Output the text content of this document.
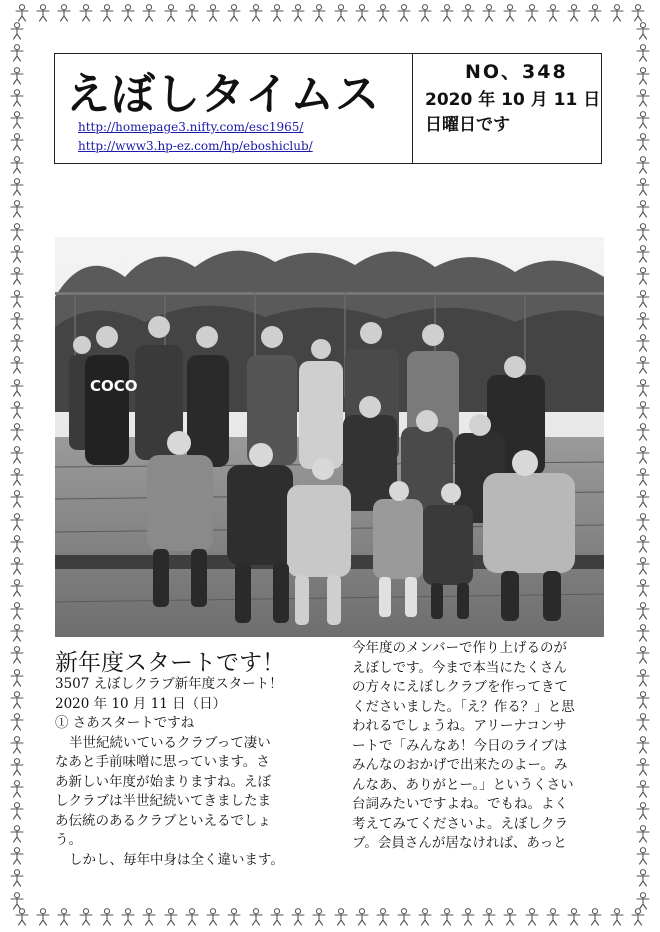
えぼしタイムス
http://homepage3.nifty.com/esc1965/
http://www3.hp-ez.com/hp/eboshiclub/
NO、348
2020 年 10 月 11 日
日曜日です
COCO
新年度スタートです！
3507 えぼしクラブ新年度スタート！
2020 年 10 月 11 日（日）
① さあスタートですね
半世紀続いているクラブって凄い
なあと手前味噌に思っています。さ
あ新しい年度が始まりますね。えぼ
しクラブは半世紀続いてきましたま
あ伝統のあるクラブといえるでしょ
う。
しかし、毎年中身は全く違います。
今年度のメンバーで作り上げるのが
えぼしです。今まで本当にたくさん
の方々にえぼしクラブを作ってきて
くださいました。「え？作る？」と思
われるでしょうね。アリーナコンサ
ートで「みんなあ！今日のライブは
みんなのおかげで出来たのよー。み
んなあ、ありがとー。」というくさい
台詞みたいですよね。でもね。よく
考えてみてくださいよ。えぼしクラ
ブ。会員さんが居なければ、あっと
